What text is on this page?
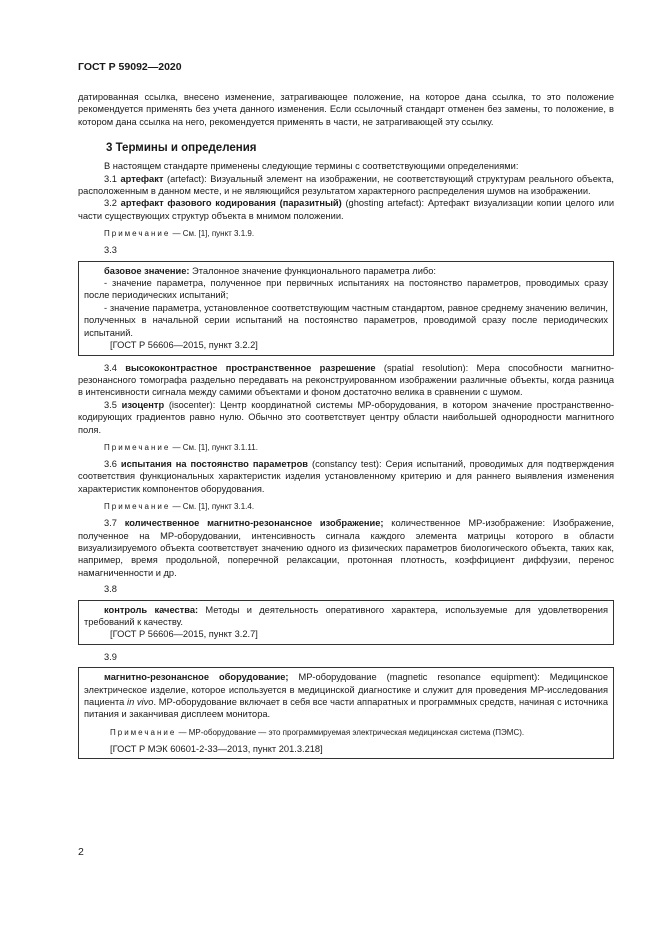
ГОСТ Р 59092—2020

датированная ссылка, внесено изменение, затрагивающее положение, на которое дана ссылка, то это положение рекомендуется применять без учета данного изменения. Если ссылочный стандарт отменен без замены, то положение, в котором дана ссылка на него, рекомендуется применять в части, не затрагивающей эту ссылку.

3 Термины и определения

В настоящем стандарте применены следующие термины с соответствующими определениями:

3.1 артефакт (artefact): Визуальный элемент на изображении, не соответствующий структурам реального объекта, расположенным в данном месте, и не являющийся результатом характерного распределения шумов на изображении.

3.2 артефакт фазового кодирования (паразитный) (ghosting artefact): Артефакт визуализации копии целого или части существующих структур объекта в мнимом положении.

Примечание — См. [1], пункт 3.1.9.

3.3

базовое значение: Эталонное значение функционального параметра либо:

- значение параметра, полученное при первичных испытаниях на постоянство параметров, проводимых сразу после периодических испытаний;

- значение параметра, установленное соответствующим частным стандартом, равное среднему значению величин, полученных в начальной серии испытаний на постоянство параметров, проводимой сразу после периодических испытаний.

[ГОСТ Р 56606—2015, пункт 3.2.2]

3.4 высококонтрастное пространственное разрешение (spatial resolution): Мера способности магнитно-резонансного томографа раздельно передавать на реконструированном изображении различные объекты, когда разница в интенсивности сигнала между самими объектами и фоном достаточно велика в сравнении с шумом.

3.5 изоцентр (isocenter): Центр координатной системы МР-оборудования, в котором значение пространственно-кодирующих градиентов равно нулю. Обычно это соответствует центру области наибольшей однородности магнитного поля.

Примечание — См. [1], пункт 3.1.11.

3.6 испытания на постоянство параметров (constancy test): Серия испытаний, проводимых для подтверждения соответствия функциональных характеристик изделия установленному критерию и для раннего выявления изменения характеристик компонентов оборудования.

Примечание — См. [1], пункт 3.1.4.

3.7 количественное магнитно-резонансное изображение; количественное МР-изображение: Изображение, полученное на МР-оборудовании, интенсивность сигнала каждого элемента матрицы которого в области визуализируемого объекта соответствует значению одного из физических параметров биологического объекта, таких как, например, время продольной, поперечной релаксации, протонная плотность, коэффициент диффузии, перенос намагниченности и др.

3.8

контроль качества: Методы и деятельность оперативного характера, используемые для удовлетворения требований к качеству.

[ГОСТ Р 56606—2015, пункт 3.2.7]

3.9

магнитно-резонансное оборудование; МР-оборудование (magnetic resonance equipment): Медицинское электрическое изделие, которое используется в медицинской диагностике и служит для проведения МР-исследования пациента in vivo. МР-оборудование включает в себя все части аппаратных и программных средств, начиная с источника питания и заканчивая дисплеем монитора.

Примечание — МР-оборудование — это программируемая электрическая медицинская система (ПЭМС).

[ГОСТ Р МЭК 60601-2-33—2013, пункт 201.3.218]

2
